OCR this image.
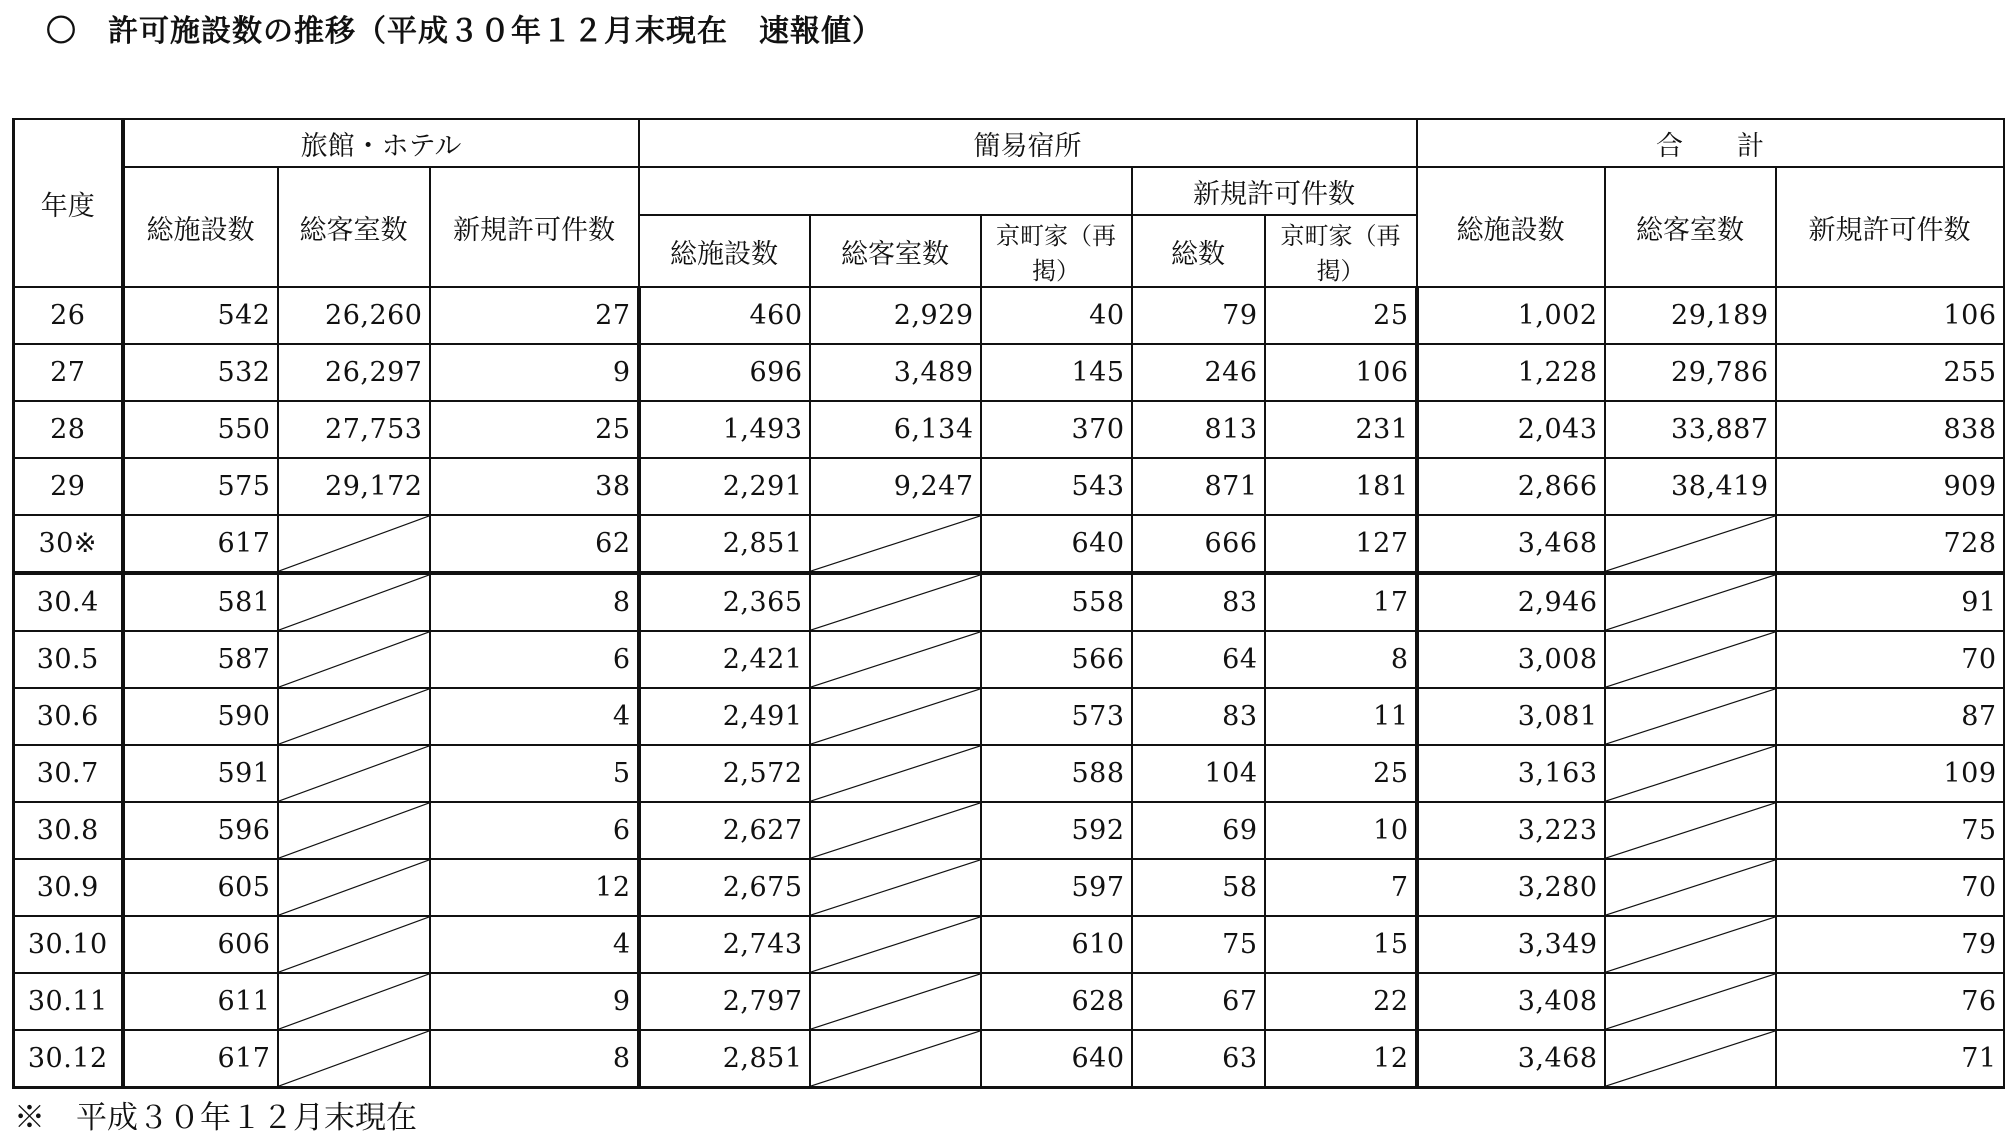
〇　許可施設数の推移（平成３０年１２月末現在　速報値）
年度	旅館・ホテル			簡易宿所					合　　計		
	総施設数	総客室数	新規許可件数				新規許可件数		総施設数	総客室数	新規許可件数
				総施設数	総客室数	京町家（再掲）	総数	京町家（再掲）			
26	542	26,260	27	460	2,929	40	79	25	1,002	29,189	106
27	532	26,297	9	696	3,489	145	246	106	1,228	29,786	255
28	550	27,753	25	1,493	6,134	370	813	231	2,043	33,887	838
29	575	29,172	38	2,291	9,247	543	871	181	2,866	38,419	909
30※	617		62	2,851		640	666	127	3,468		728
30.4	581		8	2,365		558	83	17	2,946		91
30.5	587		6	2,421		566	64	8	3,008		70
30.6	590		4	2,491		573	83	11	3,081		87
30.7	591		5	2,572		588	104	25	3,163		109
30.8	596		6	2,627		592	69	10	3,223		75
30.9	605		12	2,675		597	58	7	3,280		70
30.10	606		4	2,743		610	75	15	3,349		79
30.11	611		9	2,797		628	67	22	3,408		76
30.12	617		8	2,851		640	63	12	3,468		71
※　平成３０年１２月末現在
